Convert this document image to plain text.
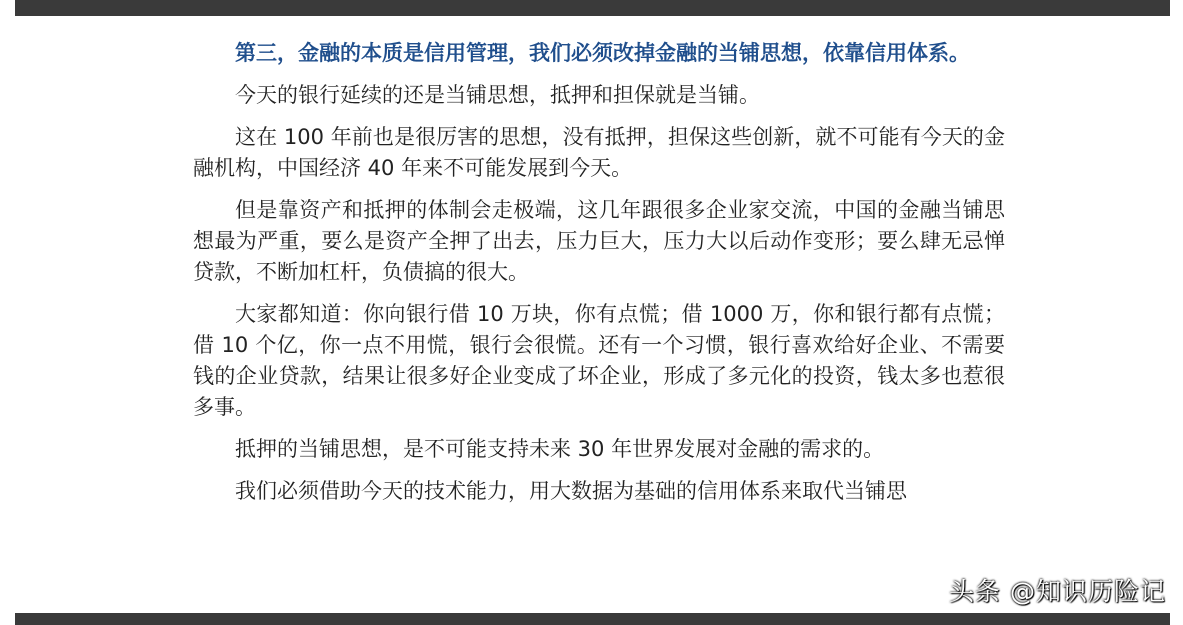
第三，金融的本质是信用管理，我们必须改掉金融的当铺思想，依靠信用体系。

今天的银行延续的还是当铺思想，抵押和担保就是当铺。

这在 100 年前也是很厉害的思想，没有抵押，担保这些创新，就不可能有今天的金融机构，中国经济 40 年来不可能发展到今天。

但是靠资产和抵押的体制会走极端，这几年跟很多企业家交流，中国的金融当铺思想最为严重，要么是资产全押了出去，压力巨大，压力大以后动作变形；要么肆无忌惮贷款，不断加杠杆，负债搞的很大。

大家都知道：你向银行借 10 万块，你有点慌；借 1000 万，你和银行都有点慌；借 10 个亿，你一点不用慌，银行会很慌。还有一个习惯，银行喜欢给好企业、不需要钱的企业贷款，结果让很多好企业变成了坏企业，形成了多元化的投资，钱太多也惹很多事。

抵押的当铺思想，是不可能支持未来 30 年世界发展对金融的需求的。

我们必须借助今天的技术能力，用大数据为基础的信用体系来取代当铺思

头条 @知识历险记
